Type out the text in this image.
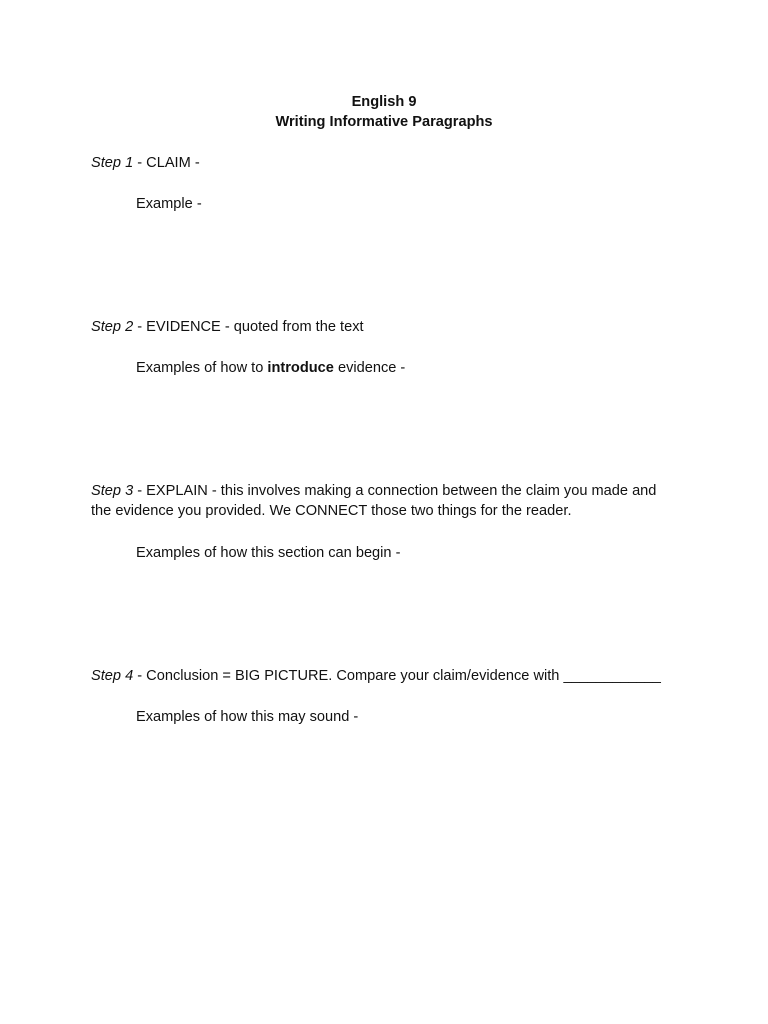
English 9
Writing Informative Paragraphs
Step 1 - CLAIM -
Example -
Step 2 - EVIDENCE - quoted from the text
Examples of how to introduce evidence -
Step 3 - EXPLAIN - this involves making a connection between the claim you made and
the evidence you provided. We CONNECT those two things for the reader.
Examples of how this section can begin -
Step 4 - Conclusion = BIG PICTURE. Compare your claim/evidence with ____________
Examples of how this may sound -
